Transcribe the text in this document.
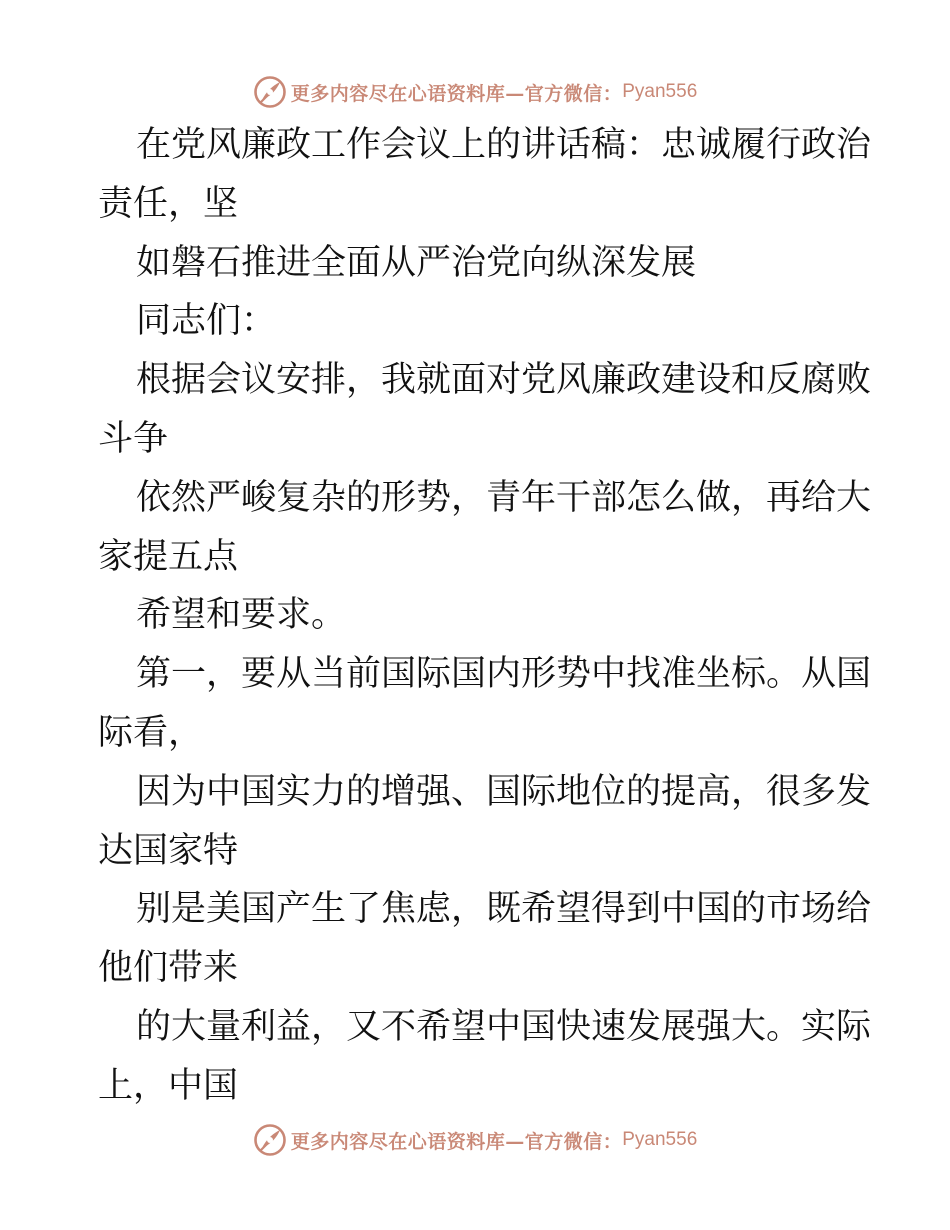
更多内容尽在心语资料库—官方微信： Pyan556

在党风廉政工作会议上的讲话稿：忠诚履行政治
责任，坚

如磐石推进全面从严治党向纵深发展

同志们：

根据会议安排，我就面对党风廉政建设和反腐败
斗争

依然严峻复杂的形势，青年干部怎么做，再给大
家提五点

希望和要求。

第一，要从当前国际国内形势中找准坐标。从国
际看，

因为中国实力的增强、国际地位的提高，很多发
达国家特

别是美国产生了焦虑，既希望得到中国的市场给
他们带来

的大量利益，又不希望中国快速发展强大。实际
上，中国

更多内容尽在心语资料库—官方微信： Pyan556
